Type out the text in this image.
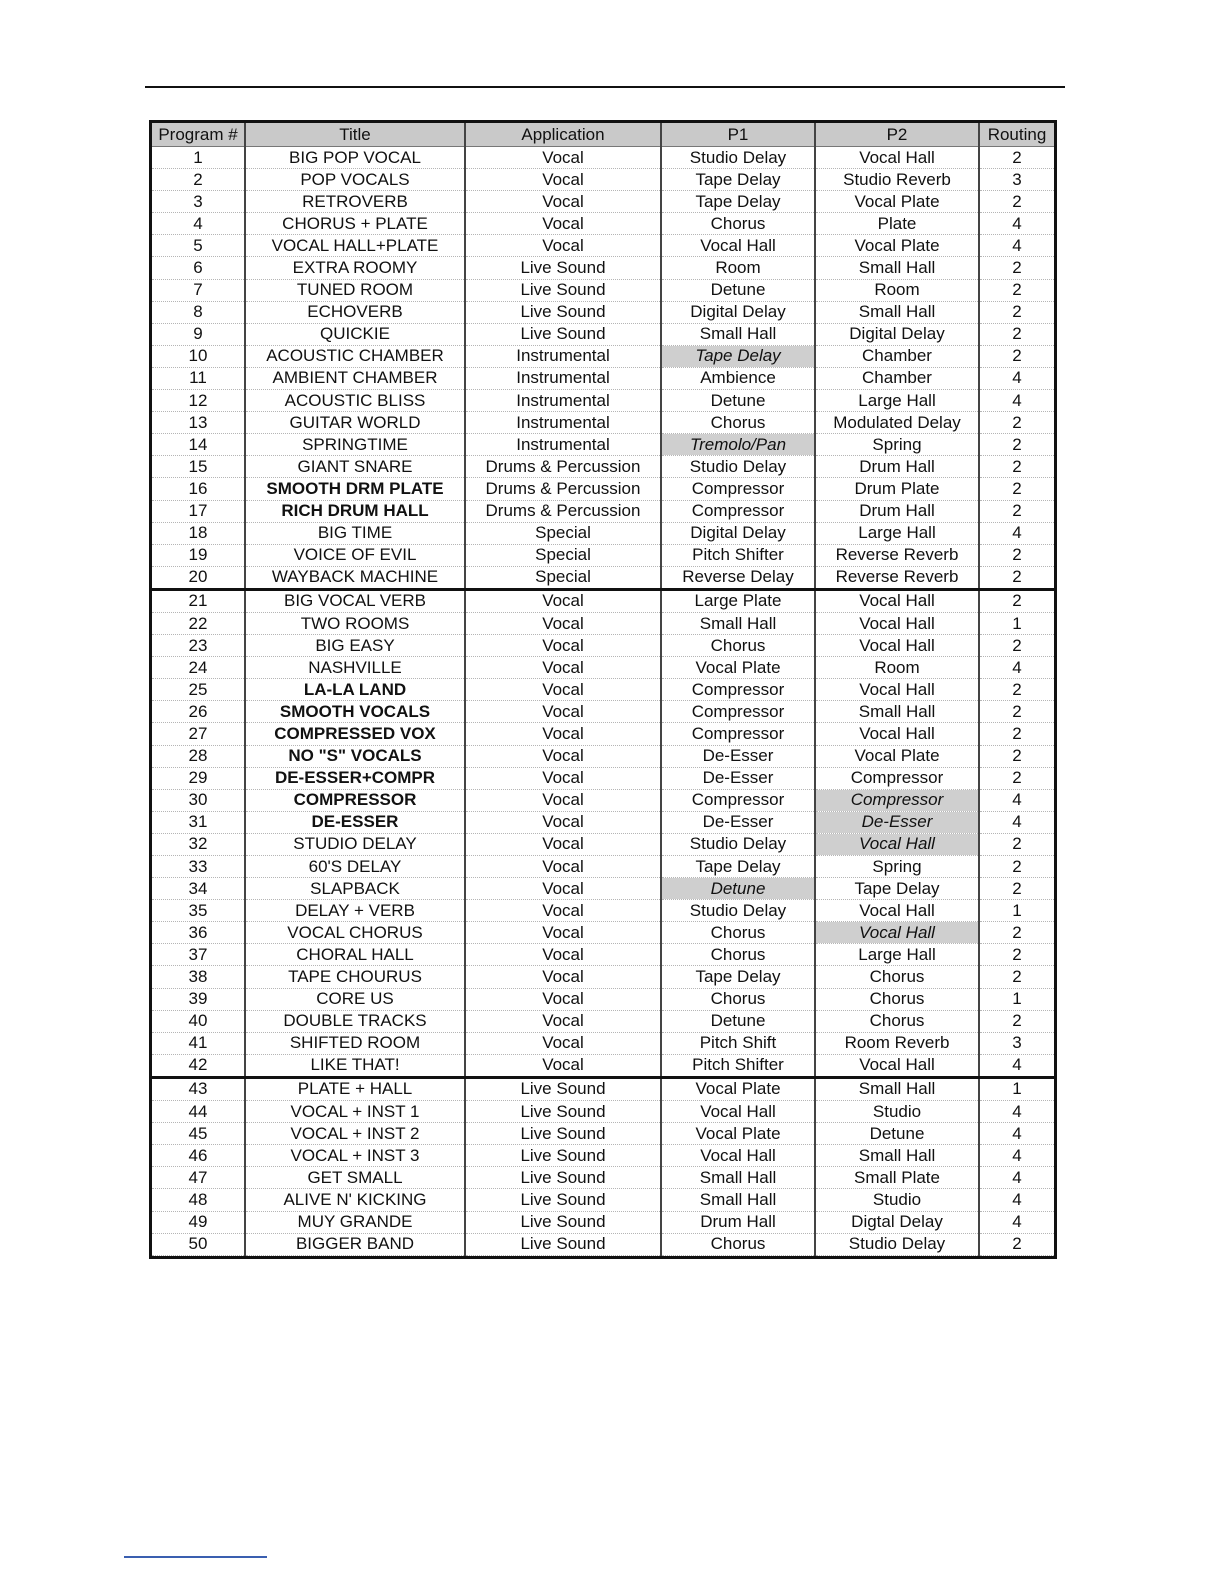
Program #	Title	Application	P1	P2	Routing
1	BIG POP VOCAL	Vocal	Studio Delay	Vocal Hall	2
2	POP VOCALS	Vocal	Tape Delay	Studio Reverb	3
3	RETROVERB	Vocal	Tape Delay	Vocal Plate	2
4	CHORUS + PLATE	Vocal	Chorus	Plate	4
5	VOCAL HALL+PLATE	Vocal	Vocal Hall	Vocal Plate	4
6	EXTRA ROOMY	Live Sound	Room	Small Hall	2
7	TUNED ROOM	Live Sound	Detune	Room	2
8	ECHOVERB	Live Sound	Digital Delay	Small Hall	2
9	QUICKIE	Live Sound	Small Hall	Digital Delay	2
10	ACOUSTIC CHAMBER	Instrumental	Tape Delay	Chamber	2
11	AMBIENT CHAMBER	Instrumental	Ambience	Chamber	4
12	ACOUSTIC BLISS	Instrumental	Detune	Large Hall	4
13	GUITAR WORLD	Instrumental	Chorus	Modulated Delay	2
14	SPRINGTIME	Instrumental	Tremolo/Pan	Spring	2
15	GIANT SNARE	Drums & Percussion	Studio Delay	Drum Hall	2
16	SMOOTH DRM PLATE	Drums & Percussion	Compressor	Drum Plate	2
17	RICH DRUM HALL	Drums & Percussion	Compressor	Drum Hall	2
18	BIG TIME	Special	Digital Delay	Large Hall	4
19	VOICE OF EVIL	Special	Pitch Shifter	Reverse Reverb	2
20	WAYBACK MACHINE	Special	Reverse Delay	Reverse Reverb	2
21	BIG VOCAL VERB	Vocal	Large Plate	Vocal Hall	2
22	TWO ROOMS	Vocal	Small Hall	Vocal Hall	1
23	BIG EASY	Vocal	Chorus	Vocal Hall	2
24	NASHVILLE	Vocal	Vocal Plate	Room	4
25	LA-LA LAND	Vocal	Compressor	Vocal Hall	2
26	SMOOTH VOCALS	Vocal	Compressor	Small Hall	2
27	COMPRESSED VOX	Vocal	Compressor	Vocal Hall	2
28	NO "S" VOCALS	Vocal	De-Esser	Vocal Plate	2
29	DE-ESSER+COMPR	Vocal	De-Esser	Compressor	2
30	COMPRESSOR	Vocal	Compressor	Compressor	4
31	DE-ESSER	Vocal	De-Esser	De-Esser	4
32	STUDIO DELAY	Vocal	Studio Delay	Vocal Hall	2
33	60'S DELAY	Vocal	Tape Delay	Spring	2
34	SLAPBACK	Vocal	Detune	Tape Delay	2
35	DELAY + VERB	Vocal	Studio Delay	Vocal Hall	1
36	VOCAL CHORUS	Vocal	Chorus	Vocal Hall	2
37	CHORAL HALL	Vocal	Chorus	Large Hall	2
38	TAPE CHOURUS	Vocal	Tape Delay	Chorus	2
39	CORE US	Vocal	Chorus	Chorus	1
40	DOUBLE TRACKS	Vocal	Detune	Chorus	2
41	SHIFTED ROOM	Vocal	Pitch Shift	Room Reverb	3
42	LIKE THAT!	Vocal	Pitch Shifter	Vocal Hall	4
43	PLATE + HALL	Live Sound	Vocal Plate	Small Hall	1
44	VOCAL + INST 1	Live Sound	Vocal Hall	Studio	4
45	VOCAL + INST 2	Live Sound	Vocal Plate	Detune	4
46	VOCAL + INST 3	Live Sound	Vocal Hall	Small Hall	4
47	GET SMALL	Live Sound	Small Hall	Small Plate	4
48	ALIVE N' KICKING	Live Sound	Small Hall	Studio	4
49	MUY GRANDE	Live Sound	Drum Hall	Digtal Delay	4
50	BIGGER BAND	Live Sound	Chorus	Studio Delay	2
